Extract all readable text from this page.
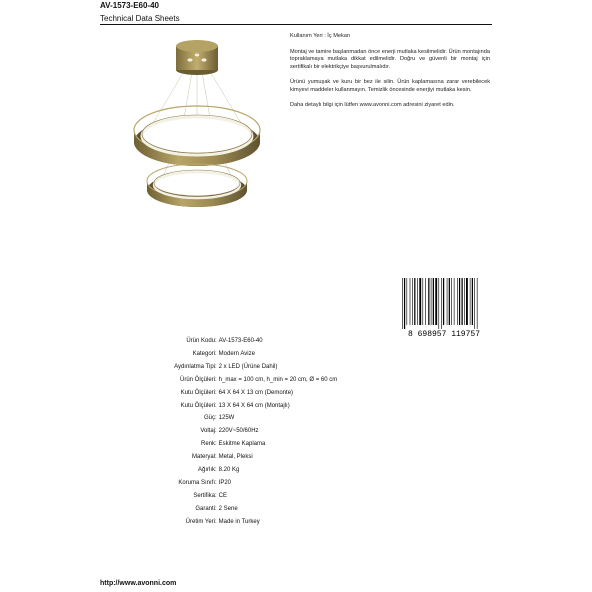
AV-1573-E60-40
Technical Data Sheets

Kullanım Yeri : İç Mekan

Montaj ve tamire başlanmadan önce enerji mutlaka kesilmelidir. Ürün montajında topraklamaya mutlaka dikkat edilmelidir. Doğru ve güvenli bir montaj için sertifikalı bir elektrikçiye başvurulmalıdır.

Ürünü yumuşak ve kuru bir bez ile silin. Ürün kaplamasına zarar verebilecek kimyevi maddeler kullanmayın. Temizlik öncesinde enerjiyi mutlaka kesin.

Daha detaylı bilgi için lütfen www.avonni.com adresini ziyaret edin.

8 698957 119757
Ürün Kodu : AV-1573-E60-40
Kategori : Modern Avize
Aydınlatma Tipi : 2 x LED (Ürüne Dahil)
Ürün Ölçüleri : h_max = 100 cm, h_min = 20 cm, Ø = 60 cm
Kutu Ölçüleri : 64 X 64 X 13 cm (Demonte)
Kutu Ölçüleri : 13 X 64 X 64 cm (Montajlı)
Güç : 125W
Voltaj : 220V~50/60Hz
Renk : Eskitme Kaplama
Materyal : Metal, Pleksi
Ağırlık : 8.20 Kg
Koruma Sınıfı : IP20
Sertifika : CE
Garanti : 2 Sene
Üretim Yeri : Made in Turkey
http://www.avonni.com
